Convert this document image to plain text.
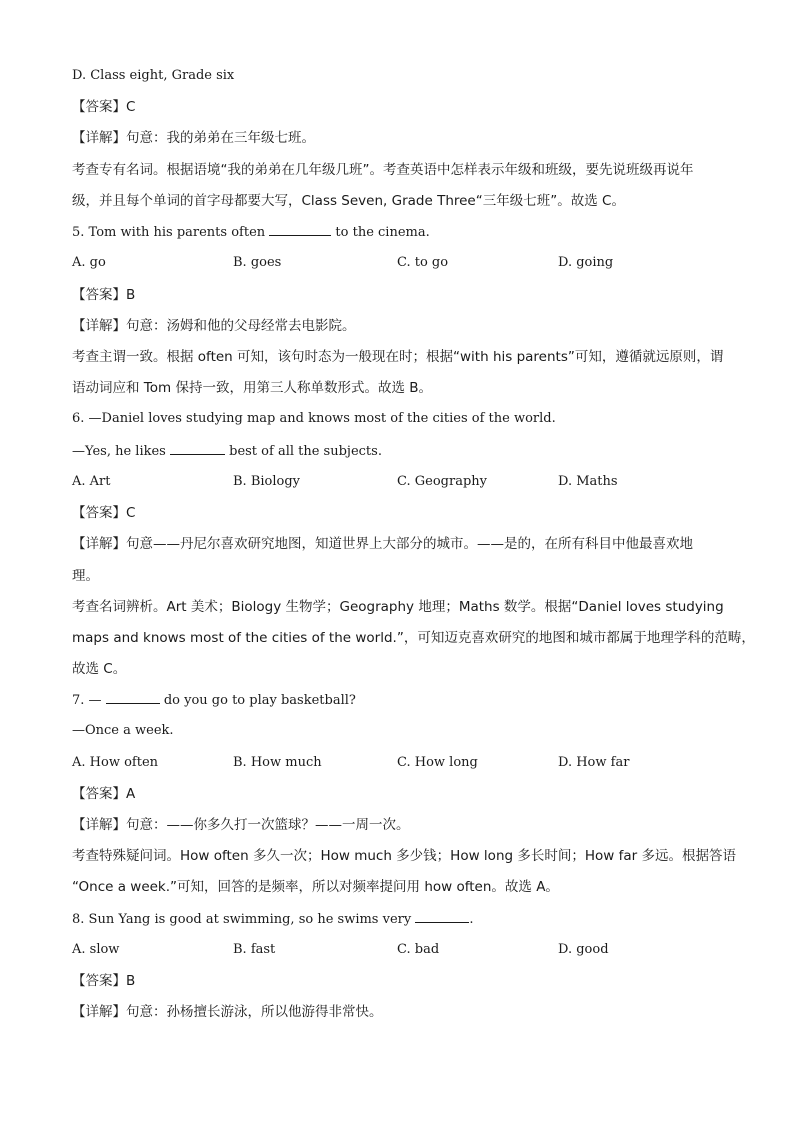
D. Class eight, Grade six
【答案】C
【详解】句意：我的弟弟在三年级七班。
考查专有名词。根据语境“我的弟弟在几年级几班”。考查英语中怎样表示年级和班级，要先说班级再说年
级，并且每个单词的首字母都要大写，Class Seven, Grade Three“三年级七班”。故选 C。
5. Tom with his parents often	to the cinema.
A. go	B. goes	C. to go	D. going
【答案】B
【详解】句意：汤姆和他的父母经常去电影院。
考查主谓一致。根据 often 可知，该句时态为一般现在时；根据“with his parents”可知，遵循就远原则，谓
语动词应和 Tom 保持一致，用第三人称单数形式。故选 B。
6. —Daniel loves studying map and knows most of the cities of the world.
—Yes, he likes	best of all the subjects.
A. Art	B. Biology	C. Geography	D. Maths
【答案】C
【详解】句意——丹尼尔喜欢研究地图，知道世界上大部分的城市。——是的，在所有科目中他最喜欢地
理。
考查名词辨析。Art 美术；Biology 生物学；Geography 地理；Maths 数学。根据“Daniel loves studying
maps and knows most of the cities of the world.”，可知迈克喜欢研究的地图和城市都属于地理学科的范畴，
故选 C。
7. —	do you go to play basketball?
—Once a week.
A. How often	B. How much	C. How long	D. How far
【答案】A
【详解】句意：——你多久打一次篮球？——一周一次。
考查特殊疑问词。How often 多久一次；How much 多少钱；How long 多长时间；How far 多远。根据答语
“Once a week.”可知，回答的是频率，所以对频率提问用 how often。故选 A。
8. Sun Yang is good at swimming, so he swims very	.
A. slow	B. fast	C. bad	D. good
【答案】B
【详解】句意：孙杨擅长游泳，所以他游得非常快。
